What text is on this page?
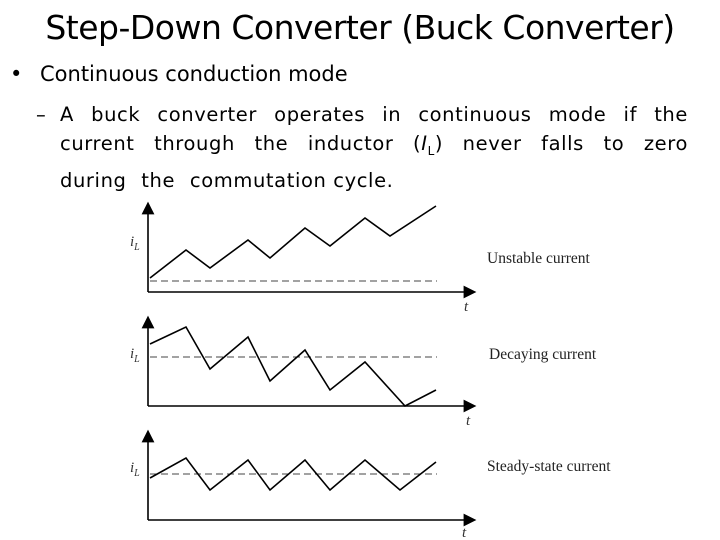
Step-Down Converter (Buck Converter)
• Continuous conduction mode
– A buck converter operates in continuous mode if the current through the inductor $(I_L)$ never falls to zero during the commutation cycle.
$i_L$
t
Unstable current
$i_L$
t
Decaying current
$i_L$
t
Steady-state current
